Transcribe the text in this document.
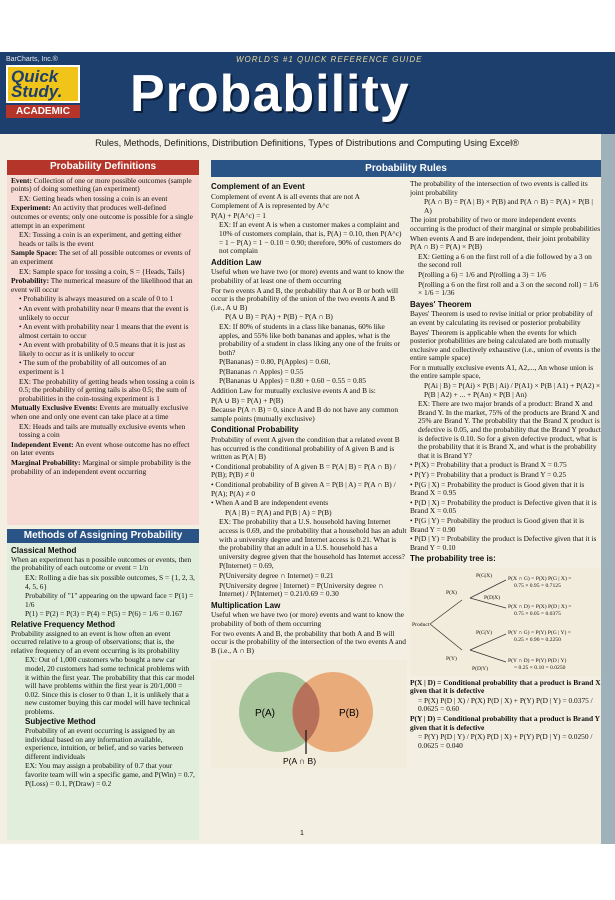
BarCharts, Inc.®
Quick Study.
ACADEMIC
WORLD'S #1 QUICK REFERENCE GUIDE
Probability
Rules, Methods, Definitions, Distribution Definitions, Types of Distributions and Computing Using Excel®
Probability Definitions

Event: Collection of one or more possible outcomes (sample points) of doing something (an experiment)

EX: Getting heads when tossing a coin is an event

Experiment: An activity that produces well-defined outcomes or events; only one outcome is possible for a single attempt in an experiment

EX: Tossing a coin is an experiment, and getting either heads or tails is the event

Sample Space: The set of all possible outcomes or events of an experiment

EX: Sample space for tossing a coin, S = {Heads, Tails}

Probability: The numerical measure of the likelihood that an event will occur

• Probability is always measured on a scale of 0 to 1

• An event with probability near 0 means that the event is unlikely to occur

• An event with probability near 1 means that the event is almost certain to occur

• An event with probability of 0.5 means that it is just as likely to occur as it is unlikely to occur

• The sum of the probability of all outcomes of an experiment is 1

EX: The probability of getting heads when tossing a coin is 0.5; the probability of getting tails is also 0.5; the sum of probabilities in the coin-tossing experiment is 1

Mutually Exclusive Events: Events are mutually exclusive when one and only one event can take place at a time

EX: Heads and tails are mutually exclusive events when tossing a coin

Independent Event: An event whose outcome has no effect on later events

Marginal Probability: Marginal or simple probability is the probability of an independent event occurring

Methods of Assigning Probability
Classical Method

When an experiment has n possible outcomes or events, then the probability of each outcome or event = 1/n

EX: Rolling a die has six possible outcomes, S = {1, 2, 3, 4, 5, 6}

Probability of "1" appearing on the upward face = P(1) = 1/6

P(1) = P(2) = P(3) = P(4) = P(5) = P(6) = 1/6 = 0.167

Relative Frequency Method

Probability assigned to an event is how often an event occurred relative to a group of observations; that is, the relative frequency of an event occurring is its probability

EX: Out of 1,000 customers who bought a new car model, 20 customers had some technical problems with it within the first year. The probability that this car model will have problems within the first year is 20/1,000 = 0.02. Since this is closer to 0 than 1, it is unlikely that a new customer buying this car model will have technical problems.

Subjective Method

Probability of an event occurring is assigned by an individual based on any information available, experience, intuition, or belief, and so varies between different individuals

EX: You may assign a probability of 0.7 that your favorite team will win a specific game, and P(Win) = 0.7, P(Loss) = 0.1, P(Draw) = 0.2

Probability Rules
Complement of an Event

Complement of event A is all events that are not A

Complement of A is represented by A^c

P(A) + P(A^c) = 1

EX: If an event A is when a customer makes a complaint and 10% of customers complain, that is, P(A) = 0.10, then P(A^c) = 1 − P(A) = 1 − 0.10 = 0.90; therefore, 90% of customers do not complain

Addition Law

Useful when we have two (or more) events and want to know the probability of at least one of them occurring

For two events A and B, the probability that A or B or both will occur is the probability of the union of the two events A and B (i.e., A ∪ B)

P(A ∪ B) = P(A) + P(B) − P(A ∩ B)

EX: If 80% of students in a class like bananas, 60% like apples, and 55% like both bananas and apples, what is the probability of a student in class liking any one of the fruits or both?

P(Bananas) = 0.80, P(Apples) = 0.60,

P(Bananas ∩ Apples) = 0.55

P(Bananas ∪ Apples) = 0.80 + 0.60 − 0.55 = 0.85

Addition Law for mutually exclusive events A and B is:

P(A ∪ B) = P(A) + P(B)

Because P(A ∩ B) = 0, since A and B do not have any common sample points (mutually exclusive)

Conditional Probability

Probability of event A given the condition that a related event B has occurred is the conditional probability of A given B and is written as P(A | B)

• Conditional probability of A given B = P(A | B) = P(A ∩ B) / P(B); P(B) ≠ 0

• Conditional probability of B given A = P(B | A) = P(A ∩ B) / P(A); P(A) ≠ 0

• When A and B are independent events

P(A | B) = P(A) and P(B | A) = P(B)

EX: The probability that a U.S. household having Internet access is 0.69, and the probability that a household has an adult with a university degree and Internet access is 0.21. What is the probability that an adult in a U.S. household has a university degree given that the household has Internet access?

P(Internet) = 0.69,

P(University degree ∩ Internet) = 0.21

P(University degree | Internet) = P(University degree ∩ Internet) / P(Internet) = 0.21/0.69 = 0.30

Multiplication Law

Useful when we have two (or more) events and want to know the probability of both of them occurring

For two events A and B, the probability that both A and B will occur is the probability of the intersection of the two events A and B (i.e., A ∩ B)

P(A)	P(B)
P(A ∩ B)

The probability of the intersection of two events is called its joint probability

P(A ∩ B) = P(A | B) × P(B) and P(A ∩ B) = P(A) × P(B | A)

The joint probability of two or more independent events occurring is the product of their marginal or simple probabilities

When events A and B are independent, their joint probability P(A ∩ B) = P(A) × P(B)

EX: Getting a 6 on the first roll of a die followed by a 3 on the second roll

P(rolling a 6) = 1/6 and P(rolling a 3) = 1/6

P(rolling a 6 on the first roll and a 3 on the second roll) = 1/6 × 1/6 = 1/36

Bayes' Theorem

Bayes' Theorem is used to revise initial or prior probability of an event by calculating its revised or posterior probability

Bayes' Theorem is applicable when the events for which posterior probabilities are being calculated are both mutually exclusive and collectively exhaustive (i.e., union of events is the entire sample space)

For n mutually exclusive events A1, A2,..., An whose union is the entire sample space,

P(Ai | B) = P(Ai) × P(B | Ai) / P(A1) × P(B | A1) + P(A2) × P(B | A2) + ... + P(An) × P(B | An)

EX: There are two major brands of a product: Brand X and Brand Y. In the market, 75% of the products are Brand X and 25% are Brand Y. The probability that the Brand X product is defective is 0.05, and the probability that the Brand Y product is defective is 0.10. So for a given defective product, what is the probability that it is Brand X, and what is the probability that it is Brand Y?

• P(X) = Probability that a product is Brand X = 0.75

• P(Y) = Probability that a product is Brand Y = 0.25

• P(G | X) = Probability the product is Good given that it is Brand X = 0.95

• P(D | X) = Probability the product is Defective given that it is Brand X = 0.05

• P(G | Y) = Probability the product is Good given that it is Brand Y = 0.90

• P(D | Y) = Probability the product is Defective given that it is Brand Y = 0.10

The probability tree is:
Product
P(X)
P(Y)
P(G|X)
P(D|X)
P(G|Y)
P(D|Y)
P(X ∩ G) = P(X) P(G | X) =
0.75 × 0.95 = 0.7125
P(X ∩ D) = P(X) P(D | X) =
0.75 × 0.05 = 0.0375
P(Y ∩ G) = P(Y) P(G | Y) =
0.25 × 0.90 = 0.2250
P(Y ∩ D) = P(Y) P(D | Y)
= 0.25 × 0.10 = 0.0250

P(X | D) = Conditional probability that a product is Brand X given that it is defective

= P(X) P(D | X) / P(X) P(D | X) + P(Y) P(D | Y) = 0.0375 / 0.0625 = 0.60

P(Y | D) = Conditional probability that a product is Brand Y given that it is defective

= P(Y) P(D | Y) / P(X) P(D | X) + P(Y) P(D | Y) = 0.0250 / 0.0625 = 0.040

1
